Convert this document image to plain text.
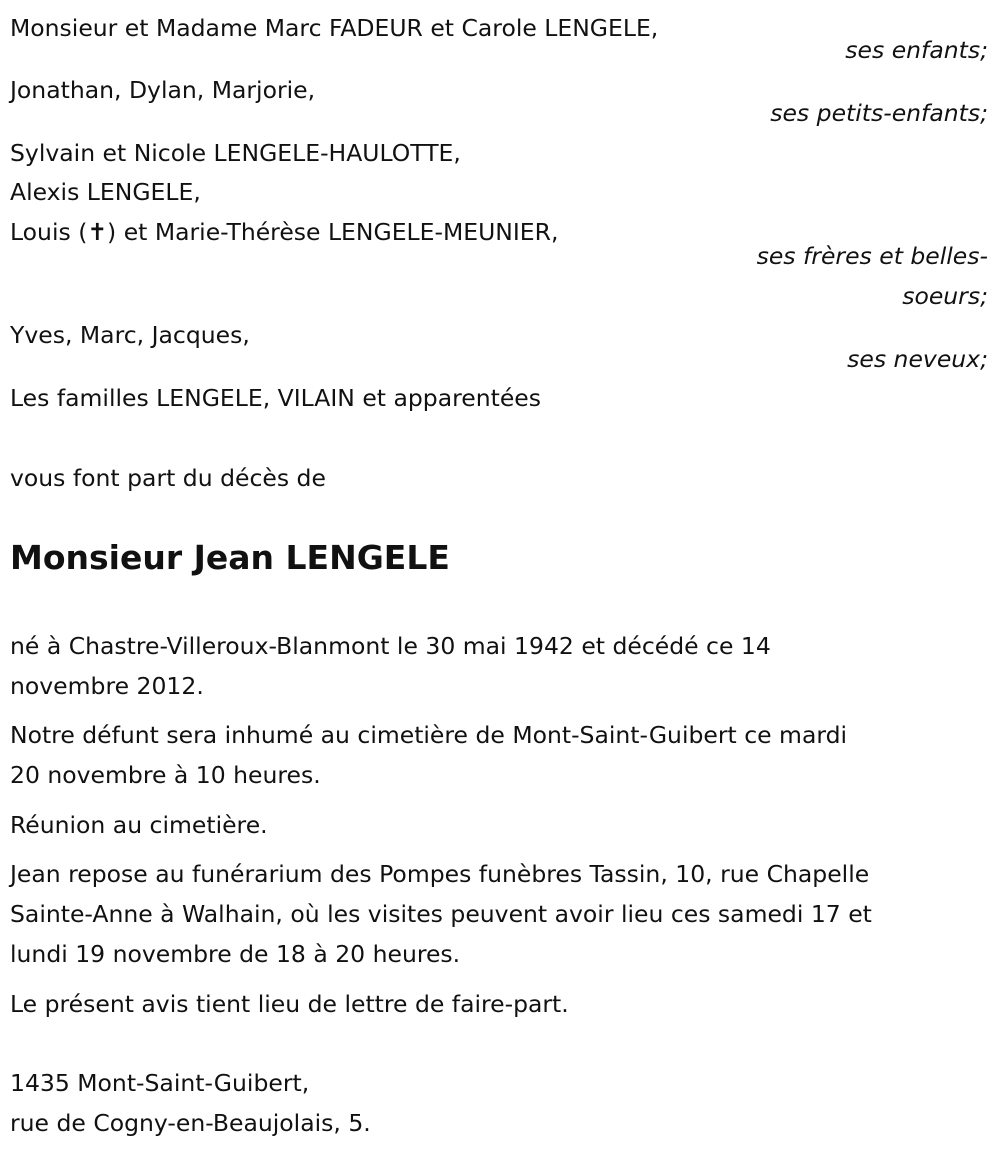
Monsieur et Madame Marc FADEUR et Carole LENGELE,
ses enfants;
Jonathan, Dylan, Marjorie,
ses petits-enfants;
Sylvain et Nicole LENGELE-HAULOTTE,
Alexis LENGELE,
Louis (✝) et Marie-Thérèse LENGELE-MEUNIER,
ses frères et belles-
soeurs;
Yves, Marc, Jacques,
ses neveux;
Les familles LENGELE, VILAIN et apparentées
vous font part du décès de
Monsieur Jean LENGELE
né à Chastre-Villeroux-Blanmont le 30 mai 1942 et décédé ce 14
novembre 2012.
Notre défunt sera inhumé au cimetière de Mont-Saint-Guibert ce mardi
20 novembre à 10 heures.
Réunion au cimetière.
Jean repose au funérarium des Pompes funèbres Tassin, 10, rue Chapelle
Sainte-Anne à Walhain, où les visites peuvent avoir lieu ces samedi 17 et
lundi 19 novembre de 18 à 20 heures.
Le présent avis tient lieu de lettre de faire-part.
1435 Mont-Saint-Guibert,
rue de Cogny-en-Beaujolais, 5.
